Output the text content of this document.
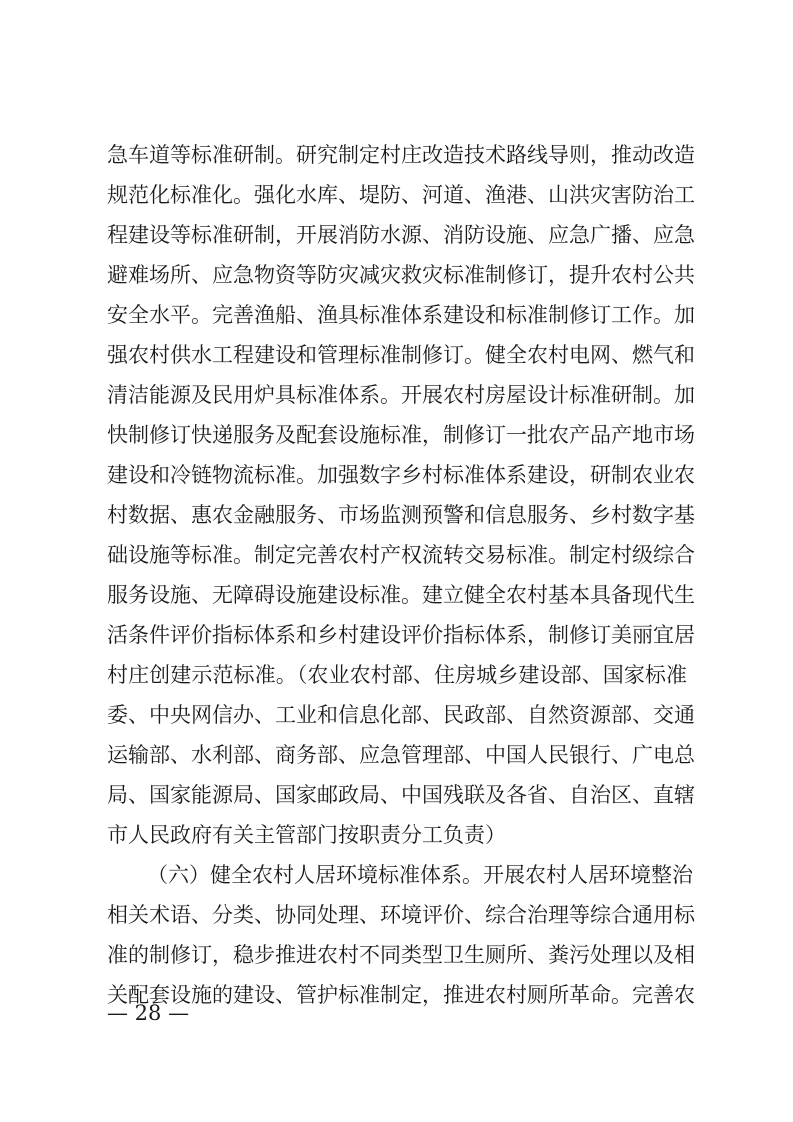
急车道等标准研制。研究制定村庄改造技术路线导则，推动改造
规范化标准化。强化水库、堤防、河道、渔港、山洪灾害防治工
程建设等标准研制，开展消防水源、消防设施、应急广播、应急
避难场所、应急物资等防灾减灾救灾标准制修订，提升农村公共
安全水平。完善渔船、渔具标准体系建设和标准制修订工作。加
强农村供水工程建设和管理标准制修订。健全农村电网、燃气和
清洁能源及民用炉具标准体系。开展农村房屋设计标准研制。加
快制修订快递服务及配套设施标准，制修订一批农产品产地市场
建设和冷链物流标准。加强数字乡村标准体系建设，研制农业农
村数据、惠农金融服务、市场监测预警和信息服务、乡村数字基
础设施等标准。制定完善农村产权流转交易标准。制定村级综合
服务设施、无障碍设施建设标准。建立健全农村基本具备现代生
活条件评价指标体系和乡村建设评价指标体系，制修订美丽宜居
村庄创建示范标准。（农业农村部、住房城乡建设部、国家标准
委、中央网信办、工业和信息化部、民政部、自然资源部、交通
运输部、水利部、商务部、应急管理部、中国人民银行、广电总
局、国家能源局、国家邮政局、中国残联及各省、自治区、直辖
市人民政府有关主管部门按职责分工负责）
（六）健全农村人居环境标准体系。开展农村人居环境整治
相关术语、分类、协同处理、环境评价、综合治理等综合通用标
准的制修订，稳步推进农村不同类型卫生厕所、粪污处理以及相
关配套设施的建设、管护标准制定，推进农村厕所革命。完善农
— 28 —
